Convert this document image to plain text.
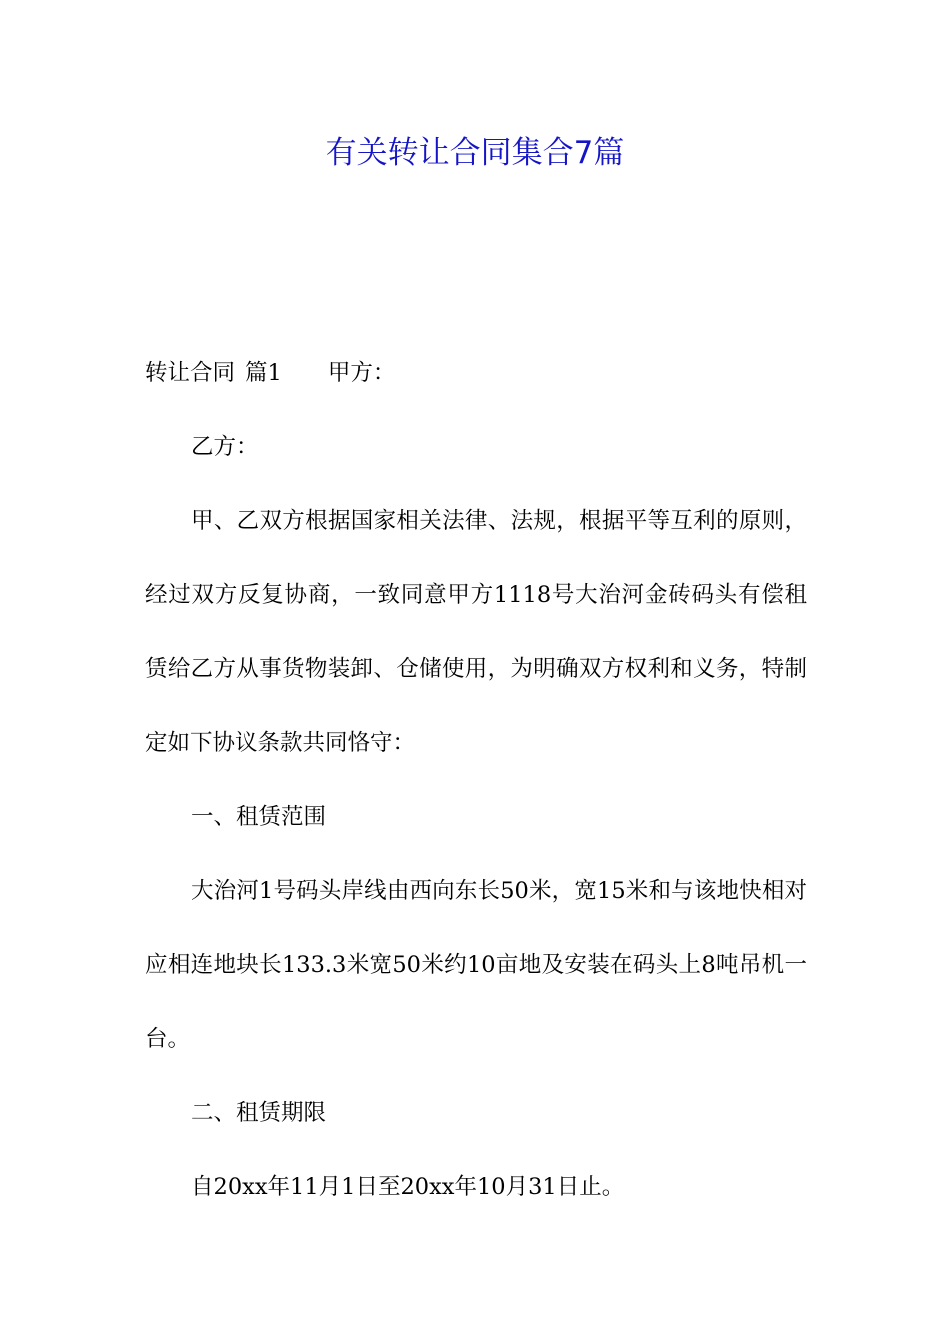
有关转让合同集合7篇

转让合同 篇1 甲方：

乙方：

甲、乙双方根据国家相关法律、法规，根据平等互利的原则，经过双方反复协商，一致同意甲方1118号大治河金砖码头有偿租赁给乙方从事货物装卸、仓储使用，为明确双方权利和义务，特制定如下协议条款共同恪守：

一、租赁范围

大治河1号码头岸线由西向东长50米，宽15米和与该地快相对应相连地块长133.3米宽50米约10亩地及安装在码头上8吨吊机一台。

二、租赁期限

自20xx年11月1日至20xx年10月31日止。
